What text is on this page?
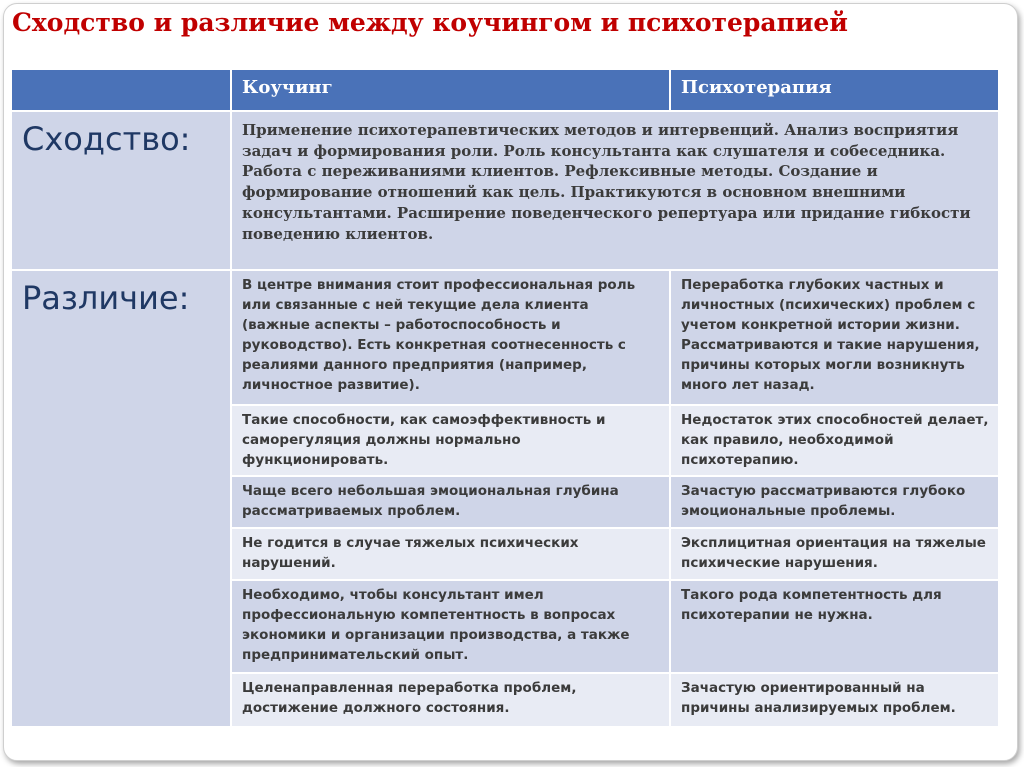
Сходство и различие между коучингом и психотерапией
	Коучинг	Психотерапия
Сходство:	Применение психотерапевтических методов и интервенций. Анализ восприятия задач и формирования роли. Роль консультанта как слушателя и собеседника. Работа с переживаниями клиентов. Рефлексивные методы. Создание и формирование отношений как цель. Практикуются в основном внешними консультантами. Расширение поведенческого репертуара или придание гибкости поведению клиентов.	
Различие:	В центре внимания стоит профессиональная роль или связанные с ней текущие дела клиента (важные аспекты – работоспособность и руководство). Есть конкретная соотнесенность с реалиями данного предприятия (например, личностное развитие).	Переработка глубоких частных и личностных (психических) проблем с учетом конкретной истории жизни. Рассматриваются и такие нарушения, причины которых могли возникнуть много лет назад.
	Такие способности, как самоэффективность и саморегуляция должны нормально функционировать.	Недостаток этих способностей делает, как правило, необходимой психотерапию.
	Чаще всего небольшая эмоциональная глубина рассматриваемых проблем.	Зачастую рассматриваются глубоко эмоциональные проблемы.
	Не годится в случае тяжелых психических нарушений.	Эксплицитная ориентация на тяжелые психические нарушения.
	Необходимо, чтобы консультант имел профессиональную компетентность в вопросах экономики и организации производства, а также предпринимательский опыт.	Такого рода компетентность для психотерапии не нужна.
	Целенаправленная переработка проблем, достижение должного состояния.	Зачастую ориентированный на причины анализируемых проблем.
